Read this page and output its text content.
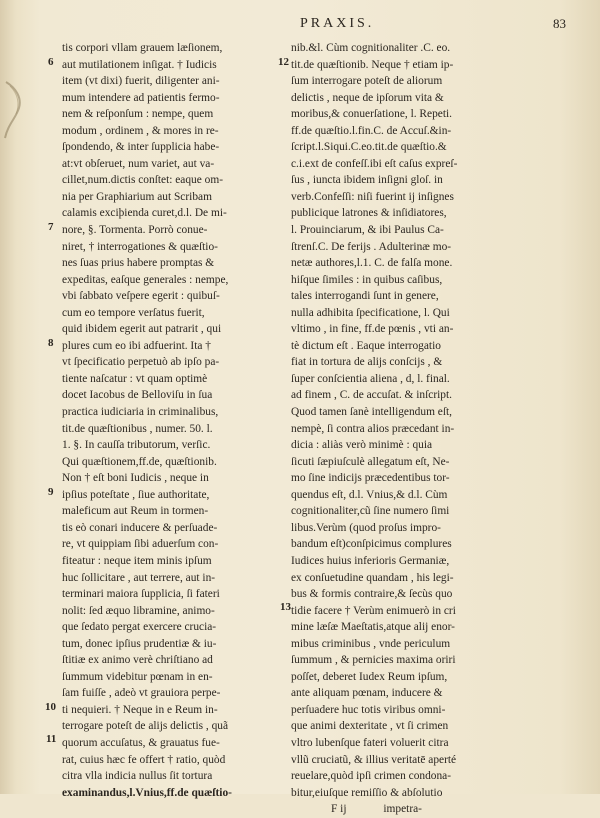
PRAXIS.	83
6
7
8
9
10
11
12
13
tis corpori vllam grauem læſionem,
aut mutilationem inſigat. † Iudicis
item (vt dixi) fuerit, diligenter ani-
mum intendere ad patientis fermo-
nem & reſponſum : nempe, quem
modum , ordinem , & mores in re-
ſpondendo, & inter ſupplicia habe-
at:vt obſeruet, num variet, aut va-
cillet,num.dictis conſtet: eaque om-
nia per Graphiarium aut Scribam
calamis exciþienda curet,d.l. De mi-
nore, §. Tormenta. Porrò conue-
niret, † interrogationes & quæſtio-
nes ſuas prius habere promptas &
expeditas, eaſque generales : nempe,
vbi ſabbato veſpere egerit : quibuſ-
cum eo tempore verſatus fuerit,
quid ibidem egerit aut patrarit , qui
plures cum eo ibi adfuerint. Ita †
vt ſpecificatio perpetuò ab ipſo pa-
tiente naſcatur : vt quam optimè
docet Iacobus de Belloviſu in ſua
practica iudiciaria in criminalibus,
tit.de quæſtionibus , numer. 50. l.
1. §. In cauſſa tributorum, verſic.
Qui quæſtionem,ff.de, quæſtionib.
Non † eſt boni Iudicis , neque in
ipſius poteſtate , ſiue authoritate,
maleficum aut Reum in tormen-
tis eò conari inducere & perſuade-
re, vt quippiam ſibi aduerſum con-
fiteatur : neque item minis ipſum
huc ſollicitare , aut terrere, aut in-
terminari maiora ſupplicia, ſi fateri
nolit: ſed æquo libramine, animo-
que ſedato pergat exercere crucia-
tum, donec ipſius prudentiæ & iu-
ſtitiæ ex animo verè chriſtiano ad
ſummum videbitur pœnam in en-
ſam fuiſſe , adeò vt grauiora perpe-
ti nequieri. † Neque in e Reum in-
terrogare poteſt de alijs delictis , quã
quorum accuſatus, & grauatus fue-
rat, cuius hæc fe offert † ratio, quòd
citra vlla indicia nullus ſit tortura
examinandus,l.Vnius,ff.de quæſtio-
nib.&l. Cùm cognitionaliter .C. eo.
tit.de quæſtionib. Neque † etiam ip-
ſum interrogare poteſt de aliorum
delictis , neque de ipſorum vita &
moribus,& conuerſatione, l. Repeti.
ff.de quæſtio.l.fin.C. de Accuſ.&in-
ſcript.l.Siqui.C.eo.tit.de quæſtio.&
c.i.ext de confeſſ.ibi eſt caſus expreſ-
ſus , iuncta ibidem inſigni gloſ. in
verb.Confeſſi: niſi fuerint ij inſignes
publicique latrones & inſidiatores,
l. Prouinciarum, & ibi Paulus Ca-
ſtrenſ.C. De ferijs . Adulterinæ mo-
netæ authores,l.1. C. de falſa mone.
hiſque ſimiles : in quibus caſibus,
tales interrogandi ſunt in genere,
nulla adhibita ſpecificatione, l. Qui
vltimo , in fine, ff.de pœnis , vti an-
tè dictum eſt . Eaque interrogatio
fiat in tortura de alijs conſcijs , &
ſuper conſcientia aliena , d, l. final.
ad finem , C. de accuſat. & inſcript.
Quod tamen ſanè intelligendum eſt,
nempè, ſi contra alios præcedant in-
dicia : aliàs verò minimè : quia
ſicuti ſæpiuſculè allegatum eſt, Ne-
mo ſine indicijs præcedentibus tor-
quendus eſt, d.l. Vnius,& d.l. Cùm
cognitionaliter,cũ ſine numero ſimi
libus.Verùm (quod proſus impro-
bandum eſt)conſpicimus complures
Iudices huius inferioris Germaniæ,
ex conſuetudine quandam , his legi-
bus & formis contraire,& ſecùs quo
tidie facere † Verùm enimuerò in cri
mine læſæ Maeſtatis,atque alij enor-
mibus criminibus , vnde periculum
ſummum , & pernicies maxima oriri
poſſet, deberet Iudex Reum ipſum,
ante aliquam pœnam, inducere &
perſuadere huc totis viribus omni-
que animi dexteritate , vt ſi crimen
vltro lubenſque fateri voluerit citra
vllũ cruciatũ, & illius veritatē aperté
reuelare,quòd ipſi crimen condona-
bitur,eiuſque remiſſio & abſolutio
F ij	impetra-
